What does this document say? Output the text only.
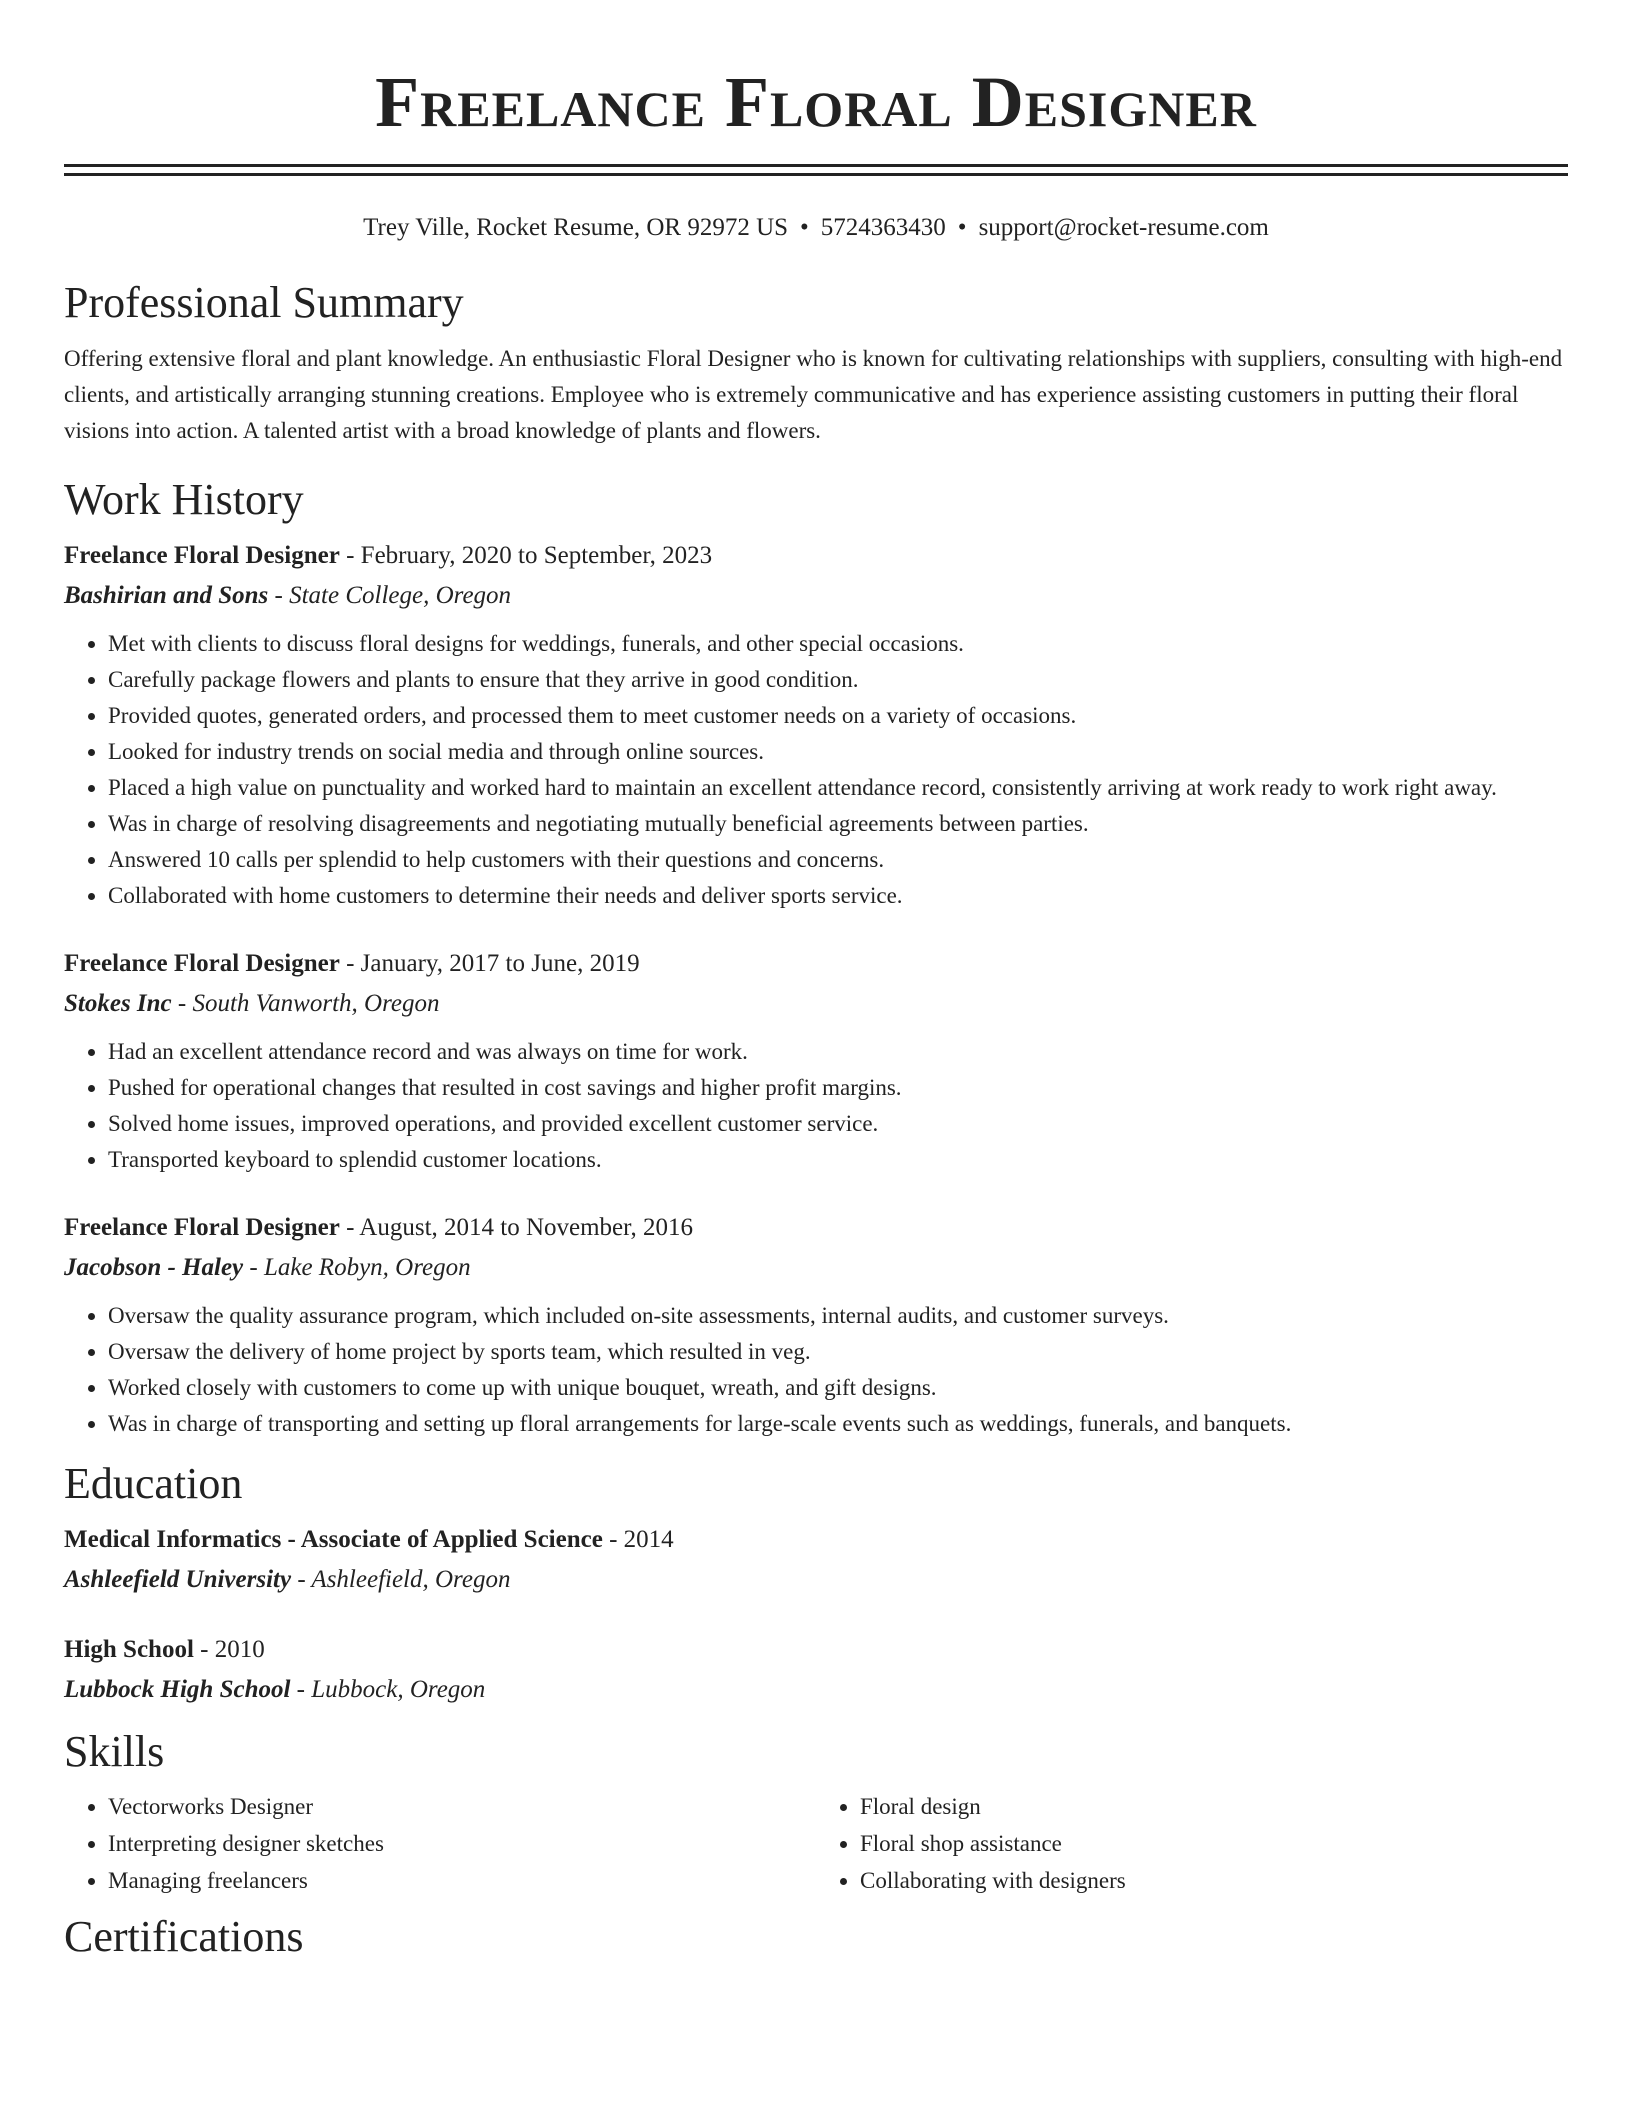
Freelance Floral Designer
Trey Ville, Rocket Resume, OR 92972 US • 5724363430 • support@rocket-resume.com
Professional Summary

Offering extensive floral and plant knowledge. An enthusiastic Floral Designer who is known for cultivating relationships with suppliers, consulting with high-end clients, and artistically arranging stunning creations. Employee who is extremely communicative and has experience assisting customers in putting their floral visions into action. A talented artist with a broad knowledge of plants and flowers.

Work History
Freelance Floral Designer - February, 2020 to September, 2023
Bashirian and Sons - State College, Oregon
• Met with clients to discuss floral designs for weddings, funerals, and other special occasions.
• Carefully package flowers and plants to ensure that they arrive in good condition.
• Provided quotes, generated orders, and processed them to meet customer needs on a variety of occasions.
• Looked for industry trends on social media and through online sources.
• Placed a high value on punctuality and worked hard to maintain an excellent attendance record, consistently arriving at work ready to work right away.
• Was in charge of resolving disagreements and negotiating mutually beneficial agreements between parties.
• Answered 10 calls per splendid to help customers with their questions and concerns.
• Collaborated with home customers to determine their needs and deliver sports service.
Freelance Floral Designer - January, 2017 to June, 2019
Stokes Inc - South Vanworth, Oregon
• Had an excellent attendance record and was always on time for work.
• Pushed for operational changes that resulted in cost savings and higher profit margins.
• Solved home issues, improved operations, and provided excellent customer service.
• Transported keyboard to splendid customer locations.
Freelance Floral Designer - August, 2014 to November, 2016
Jacobson - Haley - Lake Robyn, Oregon
• Oversaw the quality assurance program, which included on-site assessments, internal audits, and customer surveys.
• Oversaw the delivery of home project by sports team, which resulted in veg.
• Worked closely with customers to come up with unique bouquet, wreath, and gift designs.
• Was in charge of transporting and setting up floral arrangements for large-scale events such as weddings, funerals, and banquets.
Education
Medical Informatics - Associate of Applied Science - 2014
Ashleefield University - Ashleefield, Oregon
High School - 2010
Lubbock High School - Lubbock, Oregon
Skills
• Vectorworks Designer
• Interpreting designer sketches
• Managing freelancers
• Floral design
• Floral shop assistance
• Collaborating with designers
Certifications
